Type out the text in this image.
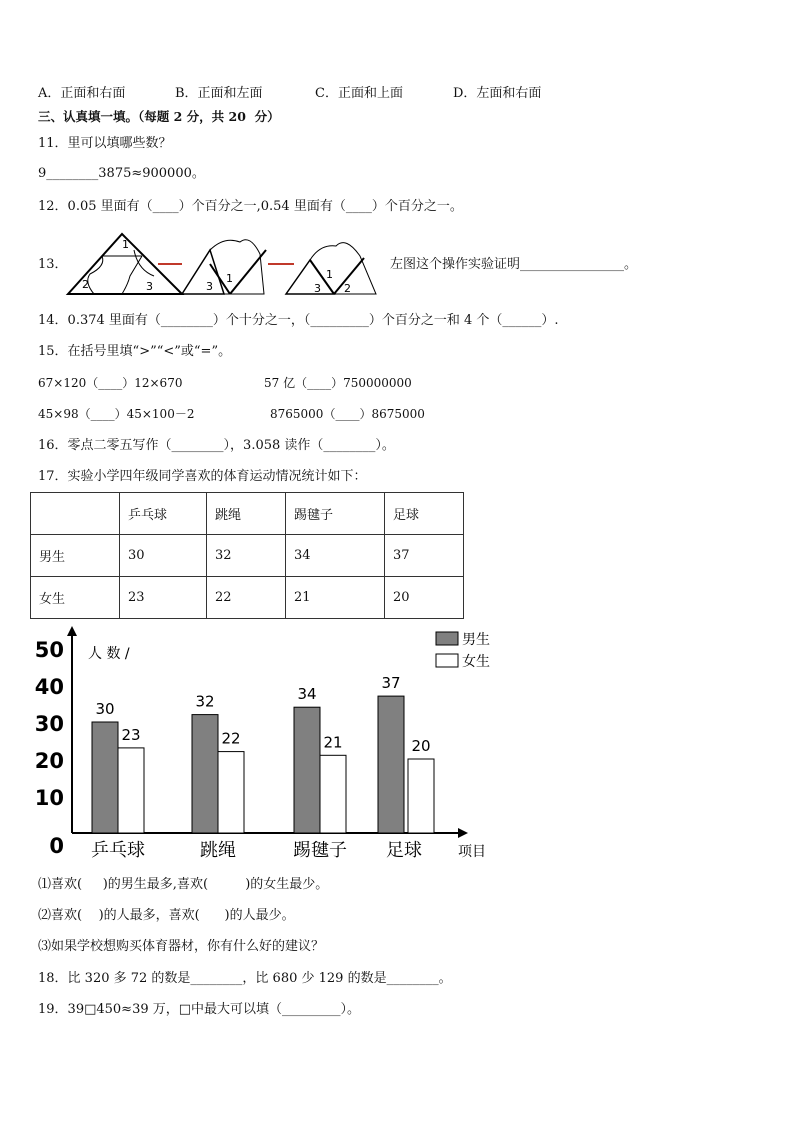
A．正面和右面	B．正面和左面	C．正面和上面	D．左面和右面
三、认真填一填。（每题 2 分，共 20  分）
11．里可以填哪些数？
9________3875≈900000。
12．0.05 里面有（____）个百分之一,0.54 里面有（____）个百分之一。
13．
1
2	3
1
3	3
1
2
左图这个操作实验证明________________。
14．0.374 里面有（________）个十分之一，（_________）个百分之一和 4 个（______）.
15．在括号里填“>”“<”或“=”。
67×120（____）12×670	57 亿（____）750000000
45×98（____）45×100－2	8765000（____）8675000
16．零点二零五写作（________），3.058 读作（________）。
17．实验小学四年级同学喜欢的体育运动情况统计如下：
	乒乓球	跳绳	踢毽子	足球
男生	30	32	34	37
女生	23	22	21	20
0
10
20
30
40
50 人 数 /
项目
30
23
乒乓球
32
22
跳绳
34
21
踢毽子
37
20
足球
男生
女生
⑴喜欢(     )的男生最多,喜欢(         )的女生最少。
⑵喜欢(    )的人最多，喜欢(      )的人最少。
⑶如果学校想购买体育器材，你有什么好的建议？
18．比 320 多 72 的数是________，比 680 少 129 的数是________。
19．39□450≈39 万，□中最大可以填（_________）。
